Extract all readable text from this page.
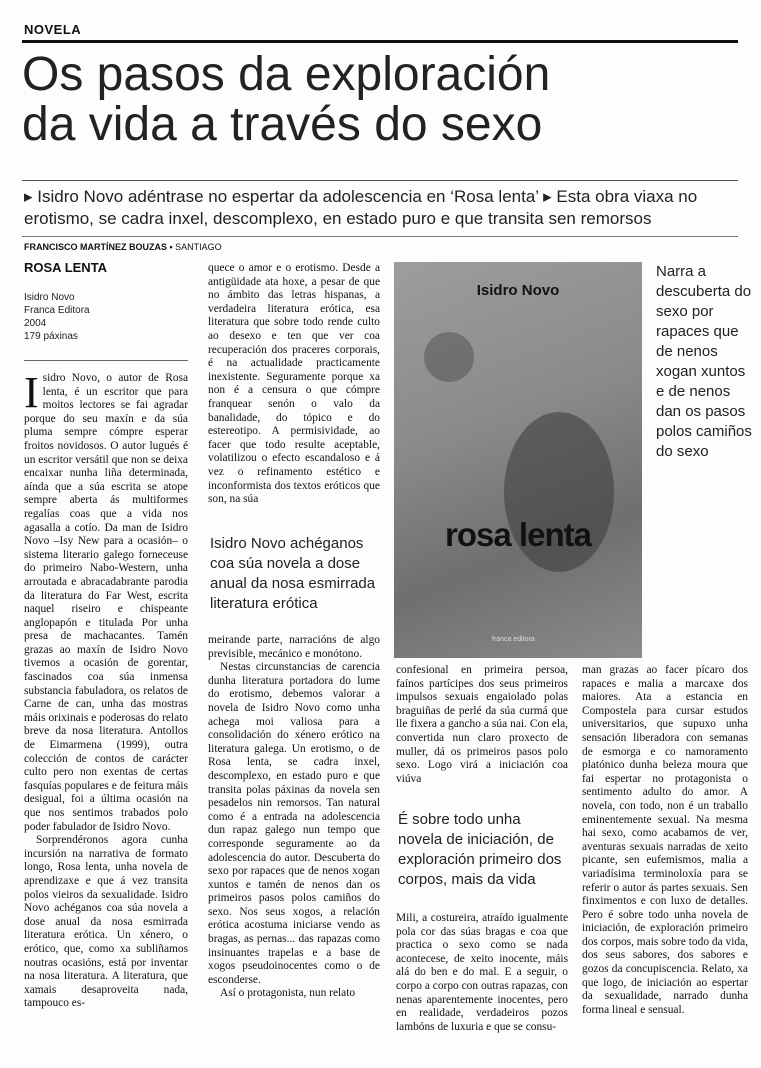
NOVELA
Os pasos da exploración
da vida a través do sexo
▸ Isidro Novo adéntrase no espertar da adolescencia en ‘Rosa lenta’ ▸ Esta obra viaxa no erotismo, se cadra inxel, descomplexo, en estado puro e que transita sen remorsos
FRANCISCO MARTÍNEZ BOUZAS • SANTIAGO
ROSA LENTA
Isidro Novo
Franca Editora
2004
179 páxinas
I sidro Novo, o autor de Rosa lenta, é un escritor que para moitos lectores se fai agradar porque do seu maxín e da súa pluma sempre cómpre esperar froitos novidosos. O autor lugués é un escritor versátil que non se deixa encaixar nunha liña determinada, aínda que a súa escrita se atope sempre aberta ás multiformes regalías coas que a vida nos agasalla a cotío. Da man de Isidro Novo –Isy New para a ocasión– o sistema literario galego forneceuse do primeiro Nabo-Western, unha arroutada e abracadabrante parodia da literatura do Far West, escrita naquel riseiro e chispeante anglopapón e titulada Por unha presa de machacantes. Tamén grazas ao maxín de Isidro Novo tivemos a ocasión de gorentar, fascinados coa súa inmensa substancia fabuladora, os relatos de Carne de can, unha das mostras máis orixinais e poderosas do relato breve da nosa literatura. Antollos de Eimarmena (1999), outra colección de contos de carácter culto pero non exentas de certas fasquías populares e de feitura máis desigual, foi a última ocasión na que nos sentimos trabados polo poder fabulador de Isidro Novo.

Sorprendéronos agora cunha incursión na narrativa de formato longo, Rosa lenta, unha novela de aprendizaxe e que á vez transita polos vieiros da sexualidade. Isidro Novo achéganos coa súa novela a dose anual da nosa esmirrada literatura erótica. Un xénero, o erótico, que, como xa subliñamos noutras ocasións, está por inventar na nosa literatura. A literatura, que xamais desaproveita nada, tampouco es-

quece o amor e o erotismo. Desde a antigüidade ata hoxe, a pesar de que no ámbito das letras hispanas, a verdadeira literatura erótica, esa literatura que sobre todo rende culto ao desexo e ten que ver coa recuperación dos praceres corporais, é na actualidade practicamente inexistente. Seguramente porque xa non é a censura o que cómpre franquear senón o valo da banalidade, do tópico e do estereotipo. A permisividade, ao facer que todo resulte aceptable, volatilizou o efecto escandaloso e á vez o refinamento estético e inconformista dos textos eróticos que son, na súa

Isidro Novo achéganos coa súa novela a dose anual da nosa esmirrada literatura erótica

meirande parte, narracións de algo previsible, mecánico e monótono.

Nestas circunstancias de carencia dunha literatura portadora do lume do erotismo, debemos valorar a novela de Isidro Novo como unha achega moi valiosa para a consolidación do xénero erótico na literatura galega. Un erotismo, o de Rosa lenta, se cadra inxel, descomplexo, en estado puro e que transita polas páxinas da novela sen pesadelos nin remorsos. Tan natural como é a entrada na adolescencia dun rapaz galego nun tempo que corresponde seguramente ao da adolescencia do autor. Descuberta do sexo por rapaces que de nenos xogan xuntos e tamén de nenos dan os primeiros pasos polos camiños do sexo. Nos seus xogos, a relación erótica acostuma iniciarse vendo as bragas, as pernas... das rapazas como insinuantes trapelas e a base de xogos pseudoinocentes como o de esconderse.

Así o protagonista, nun relato

Isidro Novo
rosa lenta
franca editora
Narra a descuberta do sexo por rapaces que de nenos xogan xuntos e de nenos dan os pasos polos camiños do sexo

confesional en primeira persoa, faínos partícipes dos seus primeiros impulsos sexuais engaiolado polas braguiñas de perlé da súa curmá que lle fixera a gancho a súa nai. Con ela, convertida nun claro proxecto de muller, dá os primeiros pasos polo sexo. Logo virá a iniciación coa viúva

É sobre todo unha novela de iniciación, de exploración primeiro dos corpos, mais da vida

Mili, a costureira, atraído igualmente pola cor das súas bragas e coa que practica o sexo como se nada acontecese, de xeito inocente, máis alá do ben e do mal. E a seguir, o corpo a corpo con outras rapazas, con nenas aparentemente inocentes, pero en realidade, verdadeiros pozos lambóns de luxuria e que se consu-

man grazas ao facer pícaro dos rapaces e malia a marcaxe dos maiores. Ata a estancia en Compostela para cursar estudos universitarios, que supuxo unha sensación liberadora con semanas de esmorga e co namoramento platónico dunha beleza moura que fai espertar no protagonista o sentimento adulto do amor. A novela, con todo, non é un traballo eminentemente sexual. Na mesma hai sexo, como acabamos de ver, aventuras sexuais narradas de xeito picante, sen eufemismos, malia a variadísima terminoloxía para se referir o autor ás partes sexuais. Sen finximentos e con luxo de detalles. Pero é sobre todo unha novela de iniciación, de exploración primeiro dos corpos, mais sobre todo da vida, dos seus sabores, dos sabores e gozos da concupiscencia. Relato, xa que logo, de iniciación ao espertar da sexualidade, narrado dunha forma lineal e sensual.
